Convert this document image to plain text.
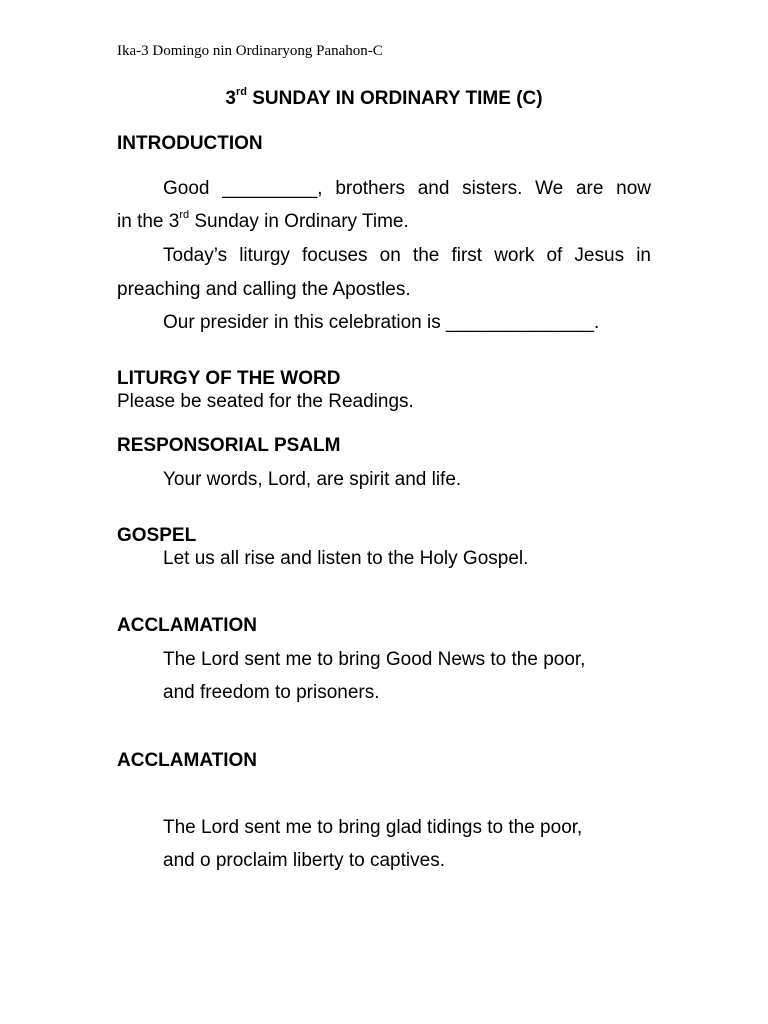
Ika-3 Domingo nin Ordinaryong Panahon-C
3rd SUNDAY IN ORDINARY TIME (C)
INTRODUCTION
Good _________, brothers and sisters. We are now
in the 3rd Sunday in Ordinary Time.
Today’s liturgy focuses on the first work of Jesus in
preaching and calling the Apostles.
Our presider in this celebration is ______________.
LITURGY OF THE WORD
Please be seated for the Readings.
RESPONSORIAL PSALM
Your words, Lord, are spirit and life.
GOSPEL
Let us all rise and listen to the Holy Gospel.
ACCLAMATION
The Lord sent me to bring Good News to the poor,
and freedom to prisoners.
ACCLAMATION
The Lord sent me to bring glad tidings to the poor,
and o proclaim liberty to captives.
